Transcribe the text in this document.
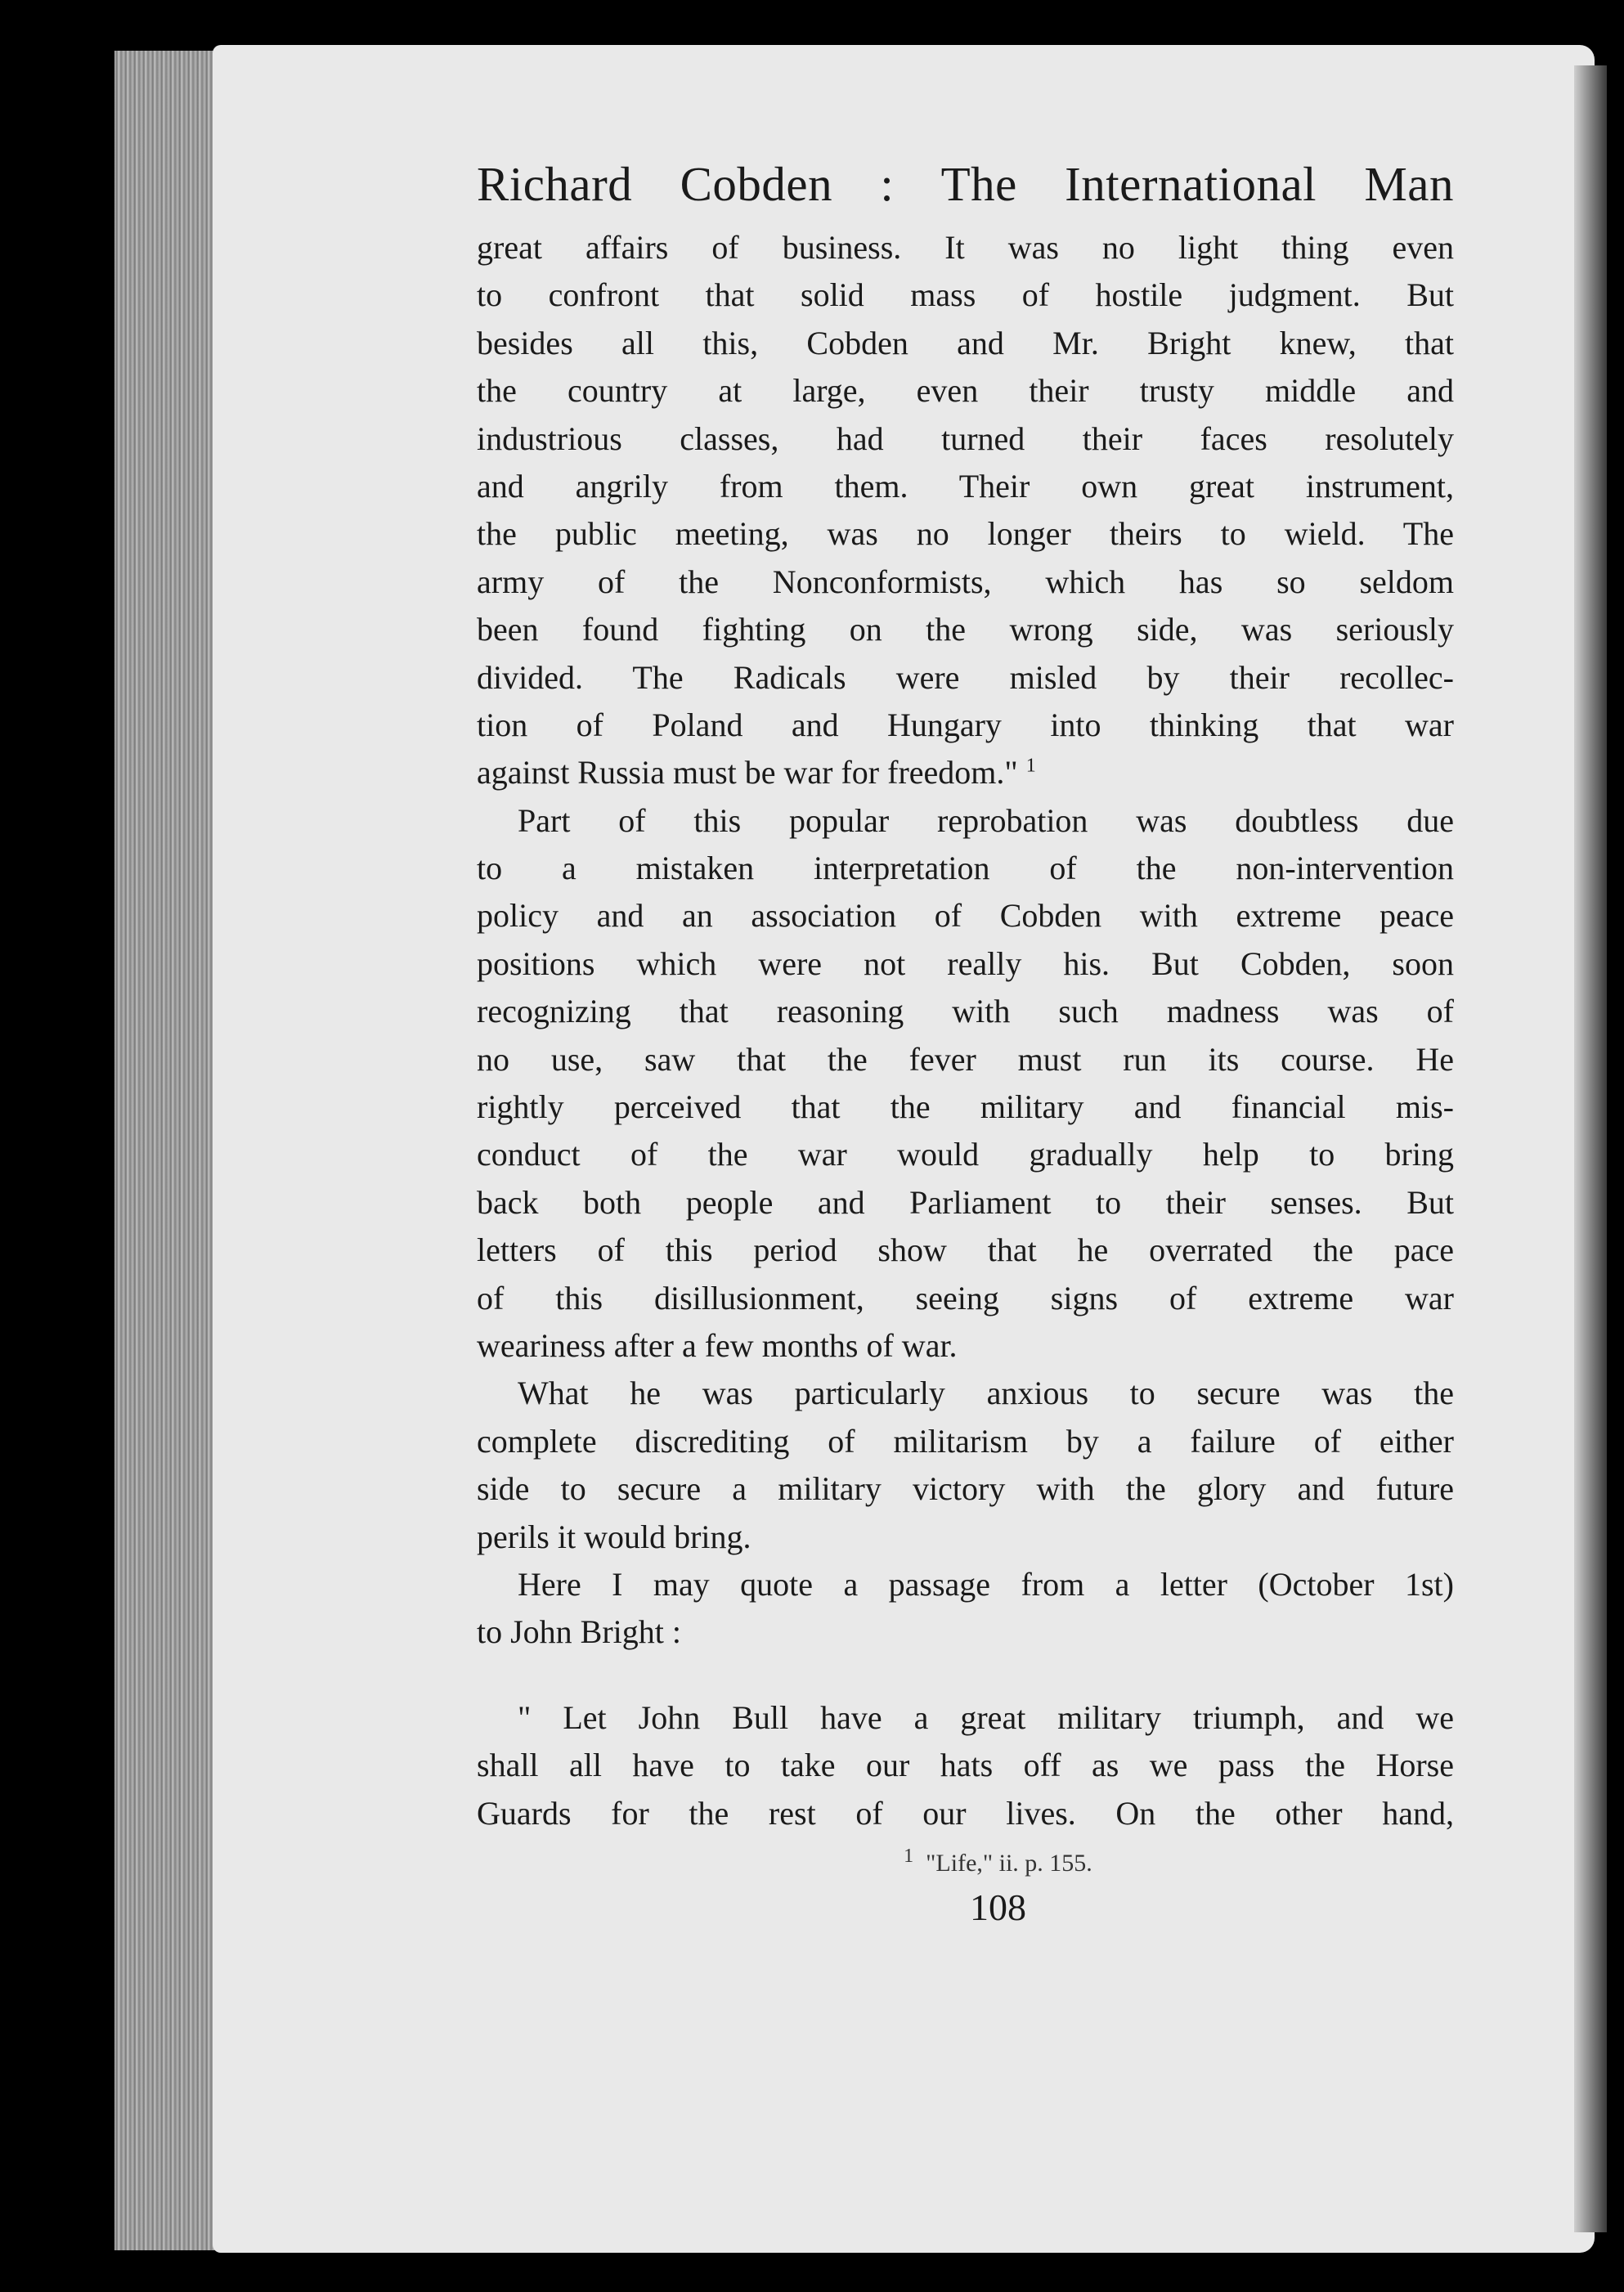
Richard Cobden : The International Man
great affairs of business. It was no light thing even
to confront that solid mass of hostile judgment. But
besides all this, Cobden and Mr. Bright knew, that
the country at large, even their trusty middle and
industrious classes, had turned their faces resolutely
and angrily from them. Their own great instrument,
the public meeting, was no longer theirs to wield. The
army of the Nonconformists, which has so seldom
been found fighting on the wrong side, was seriously
divided. The Radicals were misled by their recollec-
tion of Poland and Hungary into thinking that war
against Russia must be war for freedom." $^1$
Part of this popular reprobation was doubtless due
to a mistaken interpretation of the non-intervention
policy and an association of Cobden with extreme peace
positions which were not really his. But Cobden, soon
recognizing that reasoning with such madness was of
no use, saw that the fever must run its course. He
rightly perceived that the military and financial mis-
conduct of the war would gradually help to bring
back both people and Parliament to their senses. But
letters of this period show that he overrated the pace
of this disillusionment, seeing signs of extreme war
weariness after a few months of war.
What he was particularly anxious to secure was the
complete discrediting of militarism by a failure of either
side to secure a military victory with the glory and future
perils it would bring.
Here I may quote a passage from a letter (October 1st)
to John Bright :
" Let John Bull have a great military triumph, and we
shall all have to take our hats off as we pass the Horse
Guards for the rest of our lives. On the other hand,
$^1$ "Life," ii. p. 155.
108
